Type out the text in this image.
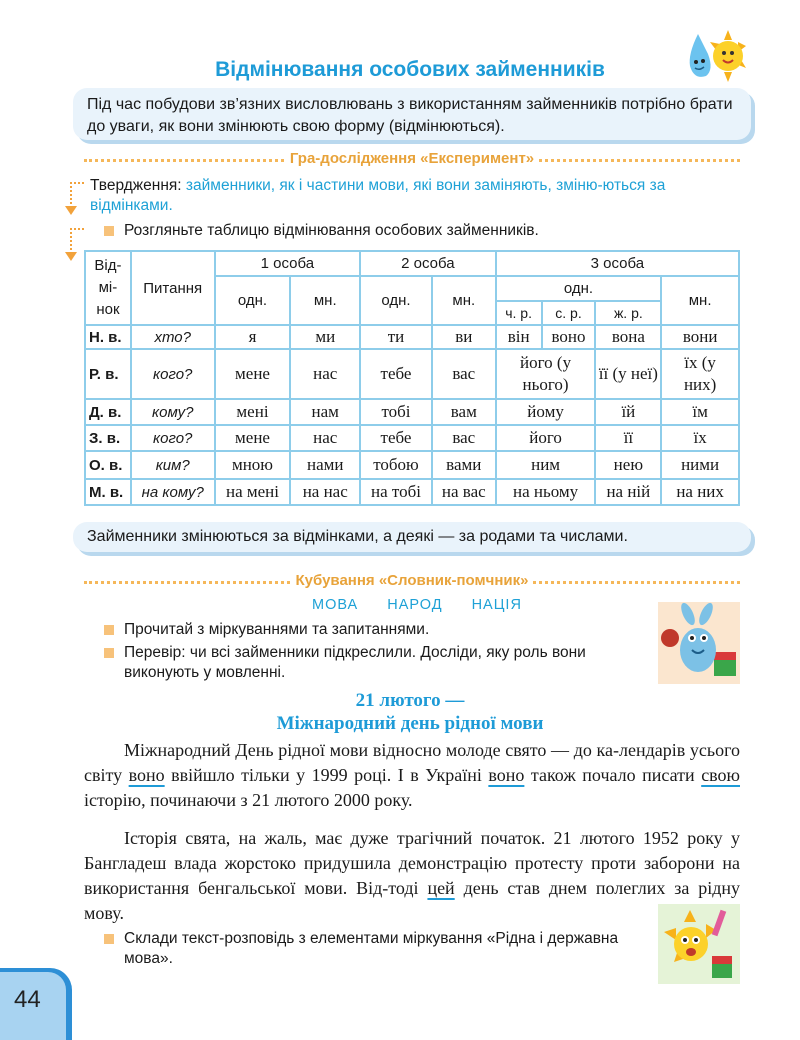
Відмінювання особових займенників
Під час побудови зв’язних висловлювань з використанням займенників потрібно брати до уваги, як вони змінюють свою форму (відмінюються).
Гра-дослідження «Експеримент»
Твердження: займенники, як і частини мови, які вони заміняють, зміню-ються за відмінками.
Розгляньте таблицю відмінювання особових займенників.
Від-мі-нок	Питання	1 особа		2 особа		3 особа			
		одн.	мн.	одн.	мн.	одн.			мн.
						ч. р.	с. р.	ж. р.	
Н. в.	хто?	я	ми	ти	ви	він	воно	вона	вони
Р. в.	кого?	мене	нас	тебе	вас	його (у нього)		її (у неї)	їх (у них)
Д. в.	кому?	мені	нам	тобі	вам	йому		їй	їм
З. в.	кого?	мене	нас	тебе	вас	його		її	їх
О. в.	ким?	мною	нами	тобою	вами	ним		нею	ними
М. в.	на кому?	на мені	на нас	на тобі	на вас	на ньому		на ній	на них
Займенники змінюються за відмінками, а деякі — за родами та числами.
Кубування «Словник-помчник»
МОВА НАРОД НАЦІЯ
Прочитай з міркуваннями та запитаннями.
Перевір: чи всі займенники підкреслили. Досліди, яку роль вони виконують у мовленні.
21 лютого —
Міжнародний день рідної мови
Міжнародний День рідної мови відносно молоде свято — до ка-лендарів усього світу воно ввійшло тільки у 1999 році. І в Україні воно також почало писати свою історію, починаючи з 21 лютого 2000 року.
Історія свята, на жаль, має дуже трагічний початок. 21 лютого 1952 року у Бангладеш влада жорстоко придушила демонстрацію протесту проти заборони на використання бенгальської мови. Від-тоді цей день став днем полеглих за рідну мову.
Склади текст-розповідь з елементами міркування «Рідна і державна мова».
44
